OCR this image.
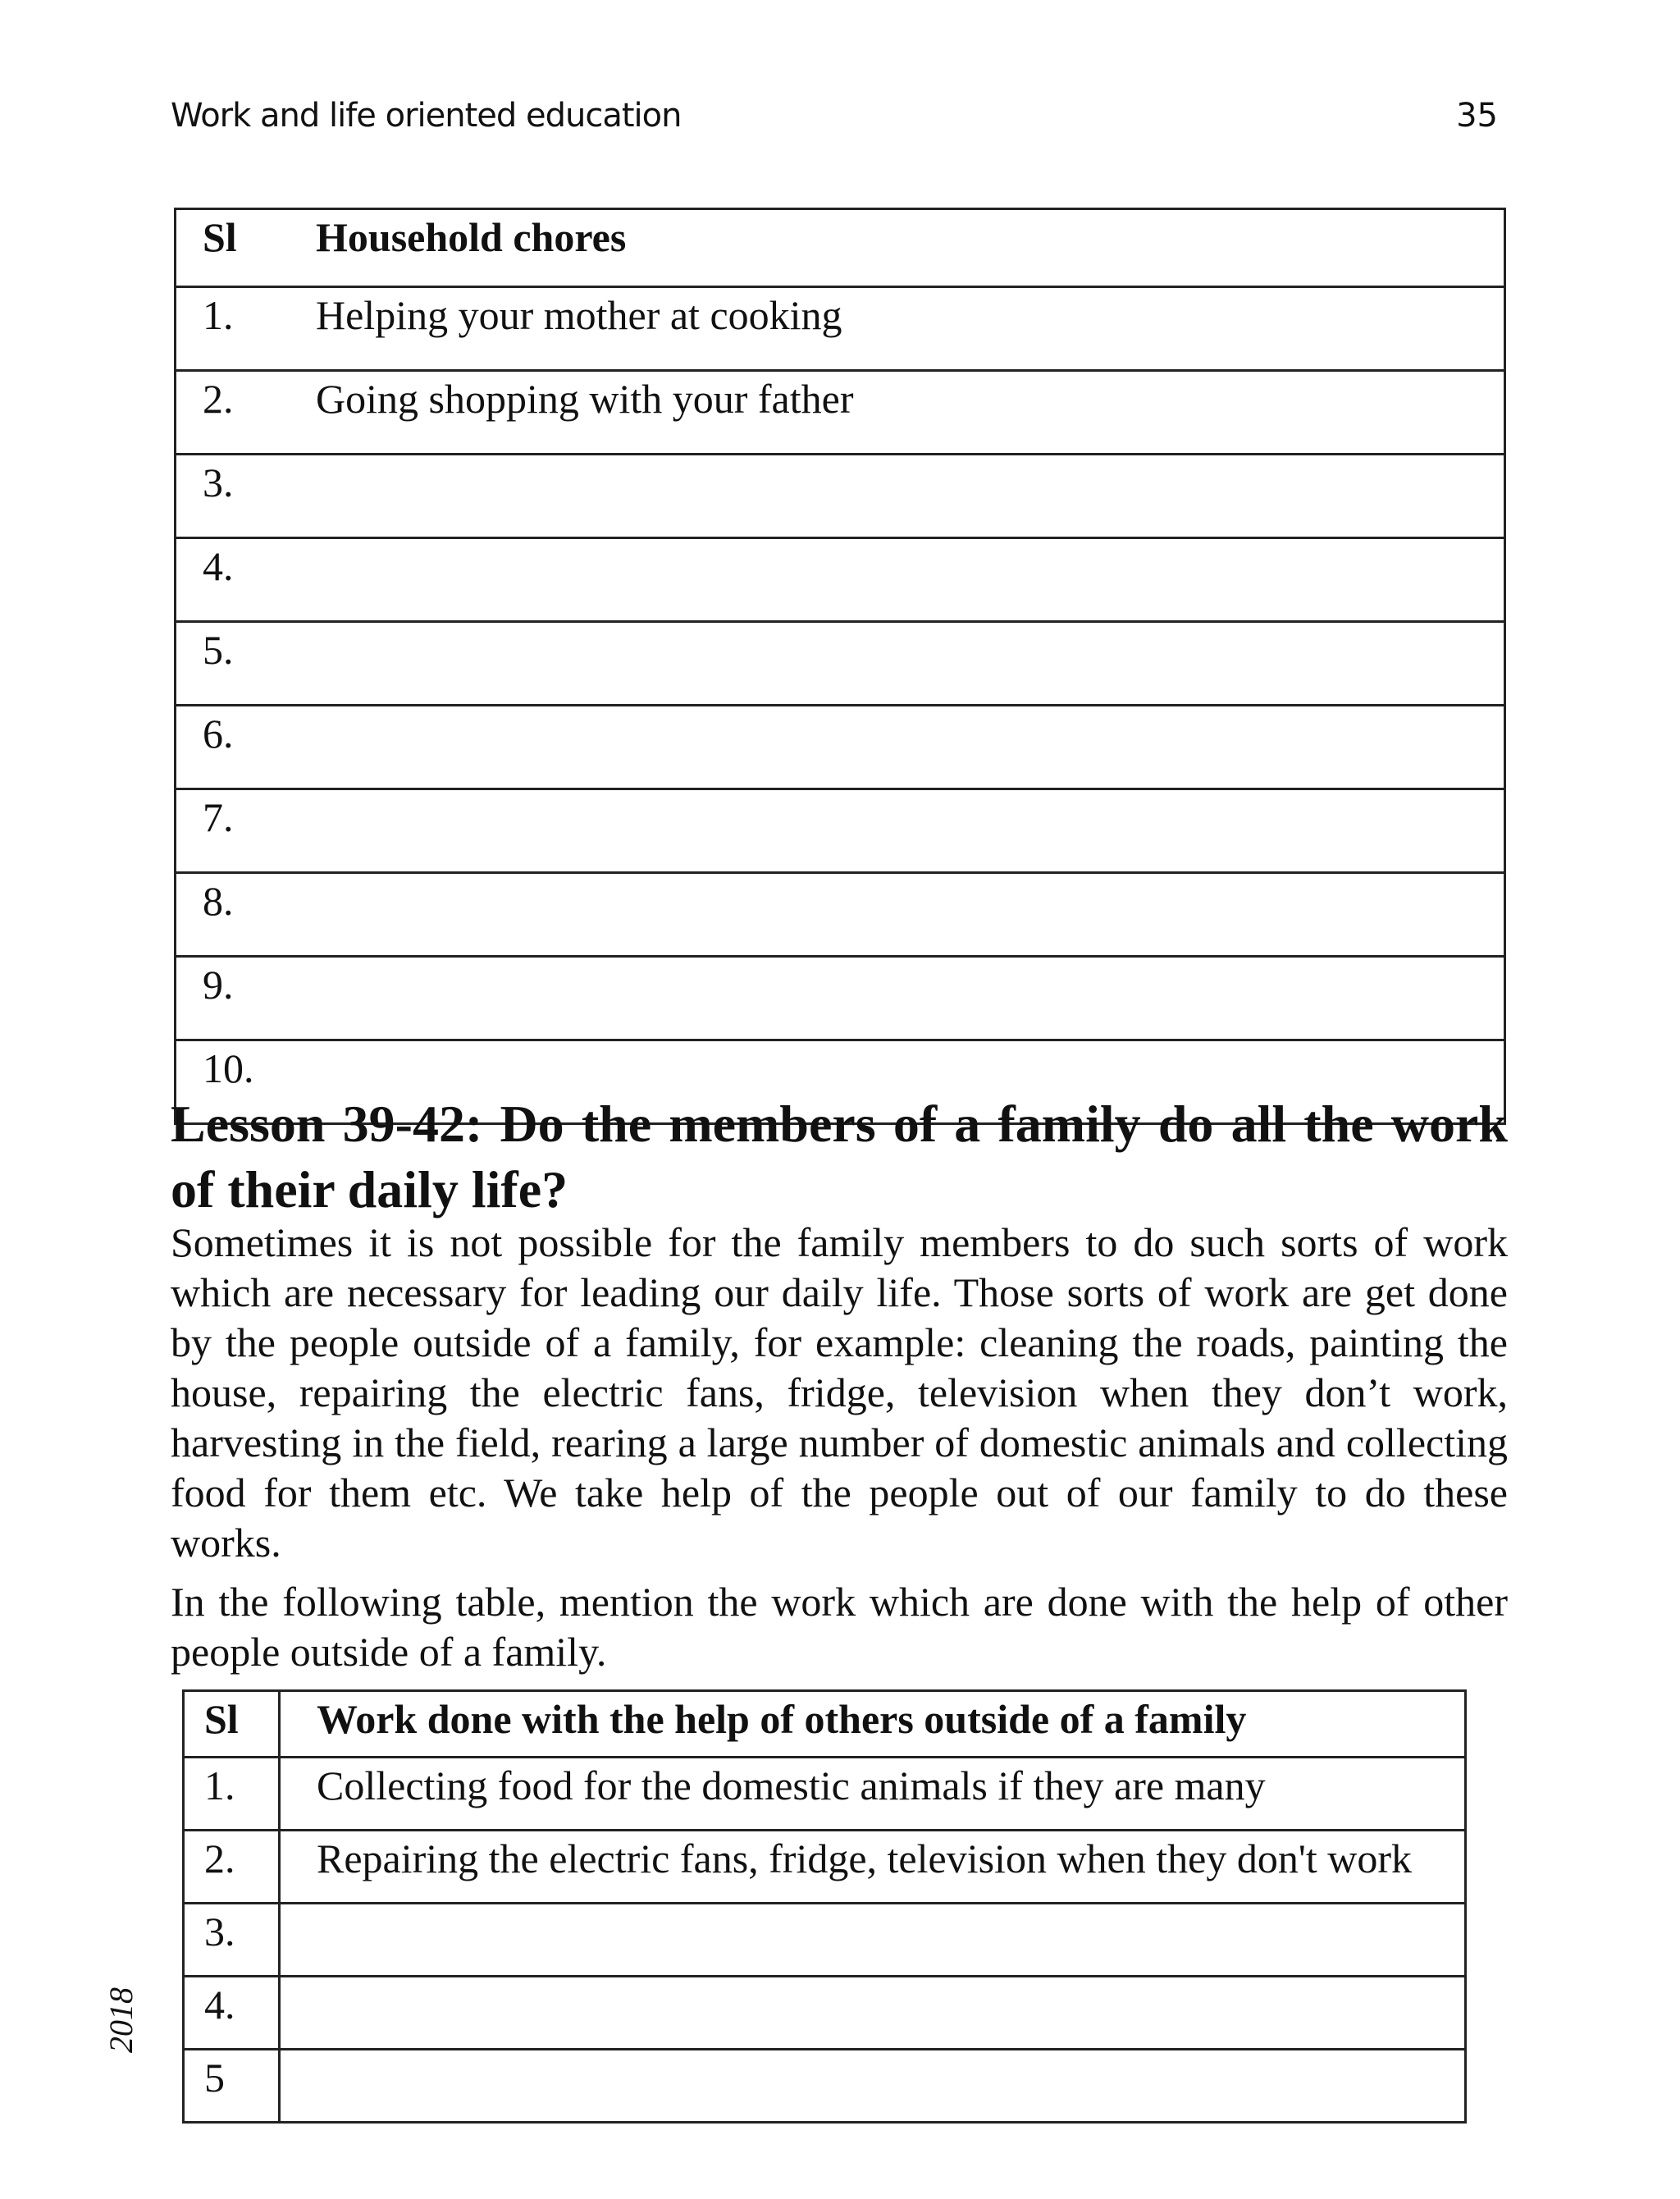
Work and life oriented education	35
Sl	Household chores
1.	Helping your mother at cooking
2.	Going shopping with your father
3.	
4.	
5.	
6.	
7.	
8.	
9.	
10.	
Lesson 39-42: Do the members of a family do all the work of their daily life?
Sometimes it is not possible for the family members to do such sorts of work which are necessary for leading our daily life. Those sorts of work are get done by the people outside of a family, for example: cleaning the roads, painting the house, repairing the electric fans, fridge, television when they don’t work, harvesting in the field, rearing a large number of domestic animals and collecting food for them etc. We take help of the people out of our family to do these works.
In the following table, mention the work which are done with the help of other people outside of a family.
Sl	Work done with the help of others outside of a family
1.	Collecting food for the domestic animals if they are many
2.	Repairing the electric fans, fridge, television when they don't work
3.	
4.	
5	
2018
